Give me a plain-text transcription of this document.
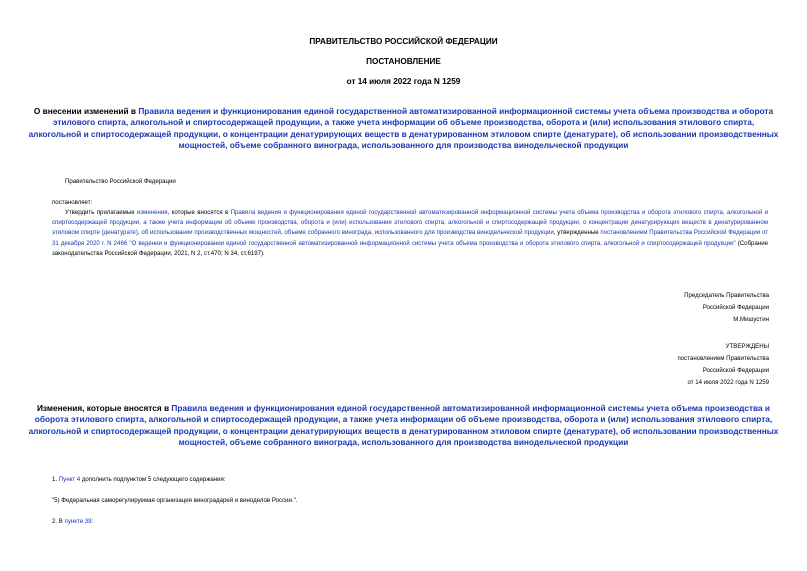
ПРАВИТЕЛЬСТВО РОССИЙСКОЙ ФЕДЕРАЦИИ
ПОСТАНОВЛЕНИЕ
от 14 июля 2022 года N 1259
О внесении изменений в Правила ведения и функционирования единой государственной автоматизированной информационной системы учета объема производства и оборота этилового спирта, алкогольной и спиртосодержащей продукции, а также учета информации об объеме производства, оборота и (или) использования этилового спирта, алкогольной и спиртосодержащей продукции, о концентрации денатурирующих веществ в денатурированном этиловом спирте (денатурате), об использовании производственных мощностей, объеме собранного винограда, использованного для производства винодельческой продукции
Правительство Российской Федерации
постановляет:
Утвердить прилагаемые изменения, которые вносятся в Правила ведения и функционирования единой государственной автоматизированной информационной системы учета объема производства и оборота этилового спирта, алкогольной и спиртосодержащей продукции, а также учета информации об объеме производства, оборота и (или) использования этилового спирта, алкогольной и спиртосодержащей продукции, о концентрации денатурирующих веществ в денатурированном этиловом спирте (денатурате), об использовании производственных мощностей, объеме собранного винограда, использованного для производства винодельческой продукции, утвержденные постановлением Правительства Российской Федерации от 31 декабря 2020 г. N 2466 "О ведении и функционировании единой государственной автоматизированной информационной системы учета объема производства и оборота этилового спирта, алкогольной и спиртосодержащей продукции" (Собрание законодательства Российской Федерации, 2021, N 2, ст.470; N 34, ст.6197).
Председатель Правительства
Российской Федерации
М.Мишустин
УТВЕРЖДЕНЫ
постановлением Правительства
Российской Федерации
от 14 июля 2022 года N 1259
Изменения, которые вносятся в Правила ведения и функционирования единой государственной автоматизированной информационной системы учета объема производства и оборота этилового спирта, алкогольной и спиртосодержащей продукции, а также учета информации об объеме производства, оборота и (или) использования этилового спирта, алкогольной и спиртосодержащей продукции, о концентрации денатурирующих веществ в денатурированном этиловом спирте (денатурате), об использовании производственных мощностей, объеме собранного винограда, использованного для производства винодельческой продукции
1. Пункт 4 дополнить подпунктом 5 следующего содержания:
"5) Федеральная саморегулируемая организация виноградарей и виноделов России.".
2. В пункте 39:
